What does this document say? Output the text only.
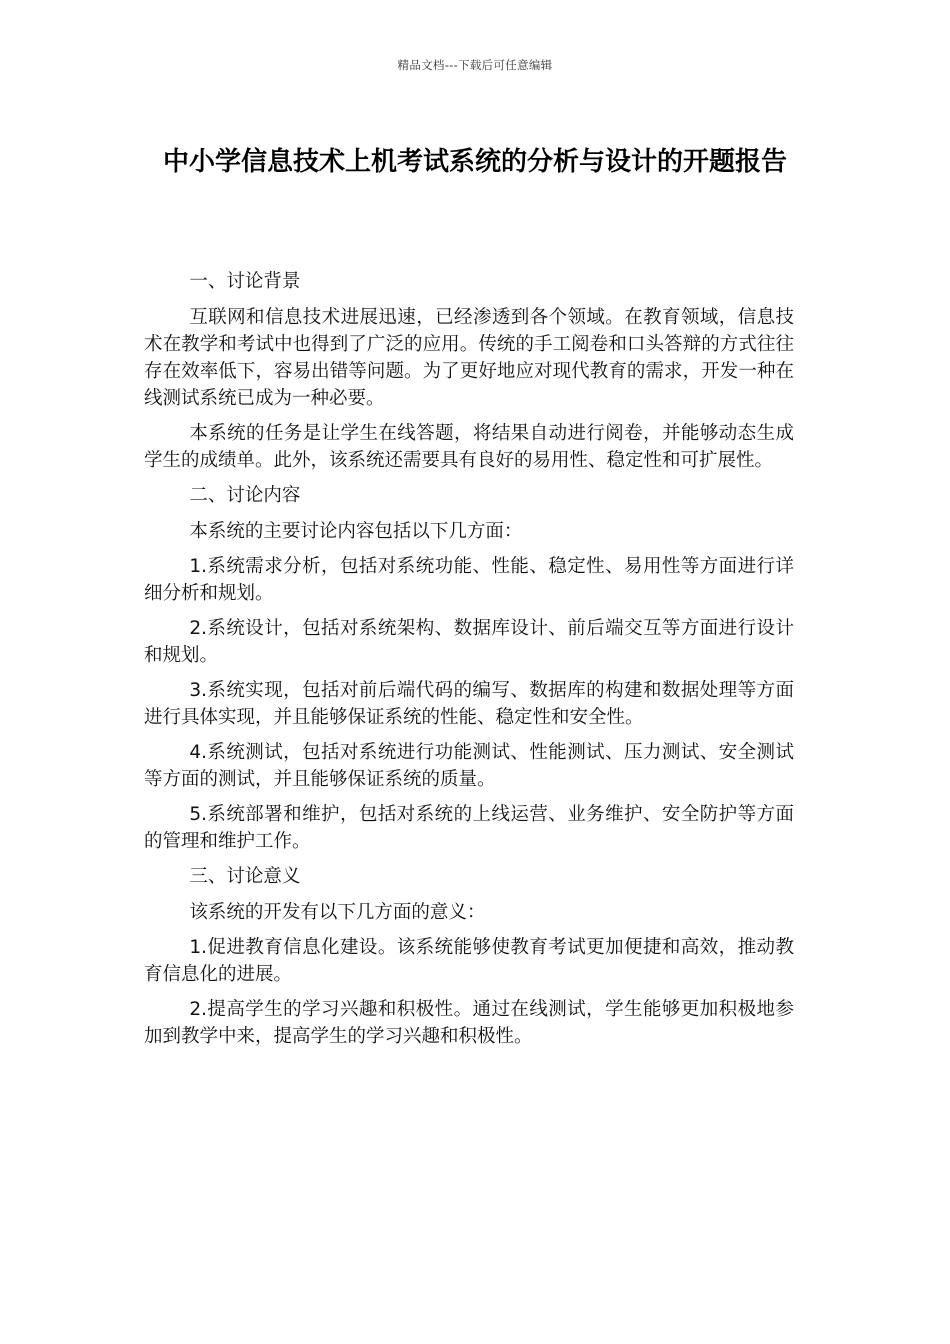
精品文档---下载后可任意编辑
中小学信息技术上机考试系统的分析与设计的开题报告

一、讨论背景

互联网和信息技术进展迅速，已经渗透到各个领域。在教育领域，信息技术在教学和考试中也得到了广泛的应用。传统的手工阅卷和口头答辩的方式往往存在效率低下，容易出错等问题。为了更好地应对现代教育的需求，开发一种在线测试系统已成为一种必要。

本系统的任务是让学生在线答题，将结果自动进行阅卷，并能够动态生成学生的成绩单。此外，该系统还需要具有良好的易用性、稳定性和可扩展性。

二、讨论内容

本系统的主要讨论内容包括以下几方面：

1.系统需求分析，包括对系统功能、性能、稳定性、易用性等方面进行详细分析和规划。

2.系统设计，包括对系统架构、数据库设计、前后端交互等方面进行设计和规划。

3.系统实现，包括对前后端代码的编写、数据库的构建和数据处理等方面进行具体实现，并且能够保证系统的性能、稳定性和安全性。

4.系统测试，包括对系统进行功能测试、性能测试、压力测试、安全测试等方面的测试，并且能够保证系统的质量。

5.系统部署和维护，包括对系统的上线运营、业务维护、安全防护等方面的管理和维护工作。

三、讨论意义

该系统的开发有以下几方面的意义：

1.促进教育信息化建设。该系统能够使教育考试更加便捷和高效，推动教育信息化的进展。

2.提高学生的学习兴趣和积极性。通过在线测试，学生能够更加积极地参加到教学中来，提高学生的学习兴趣和积极性。
